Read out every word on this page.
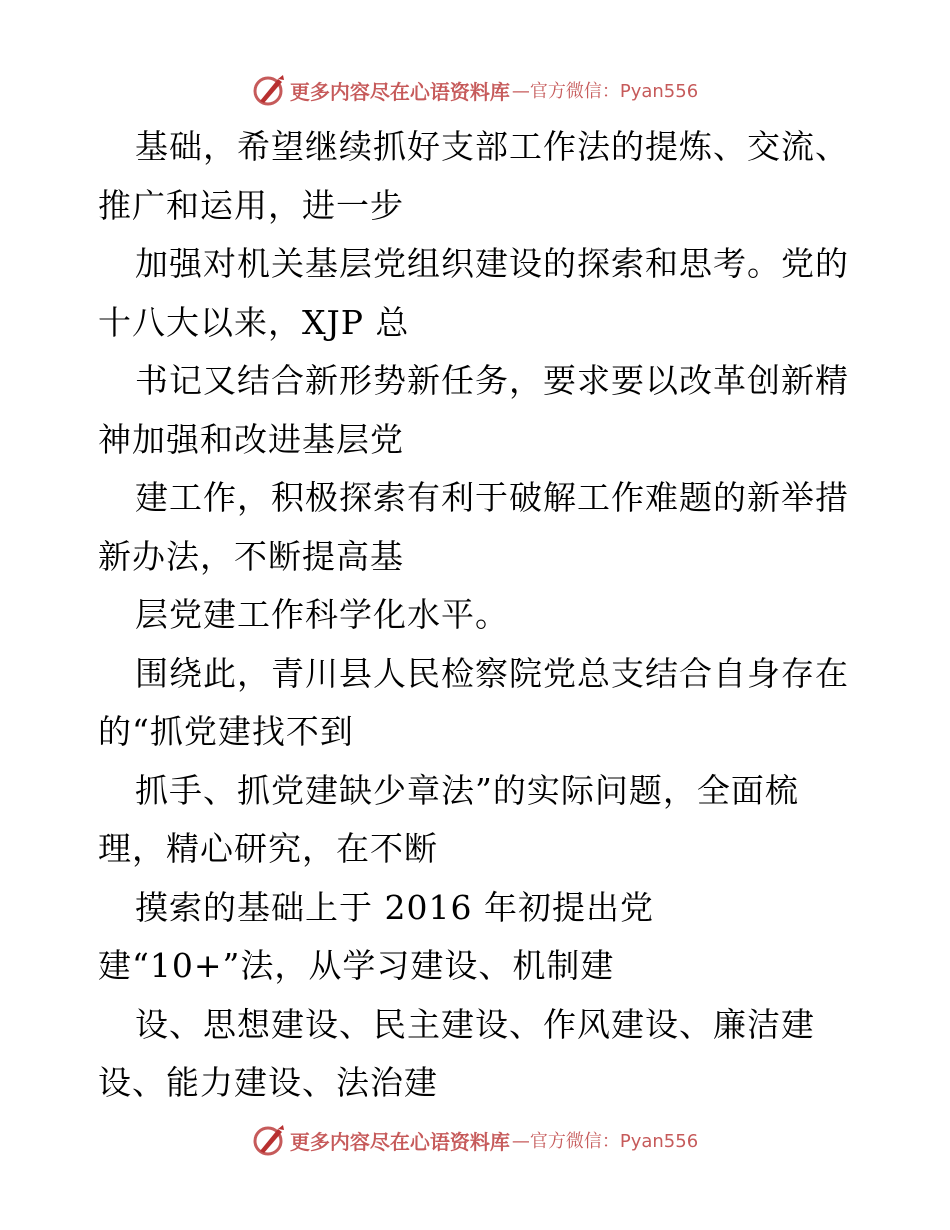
更多内容尽在心语资料库 —官方微信：Pyan556
基础，希望继续抓好支部工作法的提炼、交流、
推广和运用，进一步
加强对机关基层党组织建设的探索和思考。党的
十八大以来，XJP 总
书记又结合新形势新任务，要求要以改革创新精
神加强和改进基层党
建工作，积极探索有利于破解工作难题的新举措
新办法，不断提高基
层党建工作科学化水平。
围绕此，青川县人民检察院党总支结合自身存在
的“抓党建找不到
抓手、抓党建缺少章法”的实际问题，全面梳
理，精心研究，在不断
摸索的基础上于 2016 年初提出党
建“10+”法，从学习建设、机制建
设、思想建设、民主建设、作风建设、廉洁建
设、能力建设、法治建
更多内容尽在心语资料库 —官方微信：Pyan556
